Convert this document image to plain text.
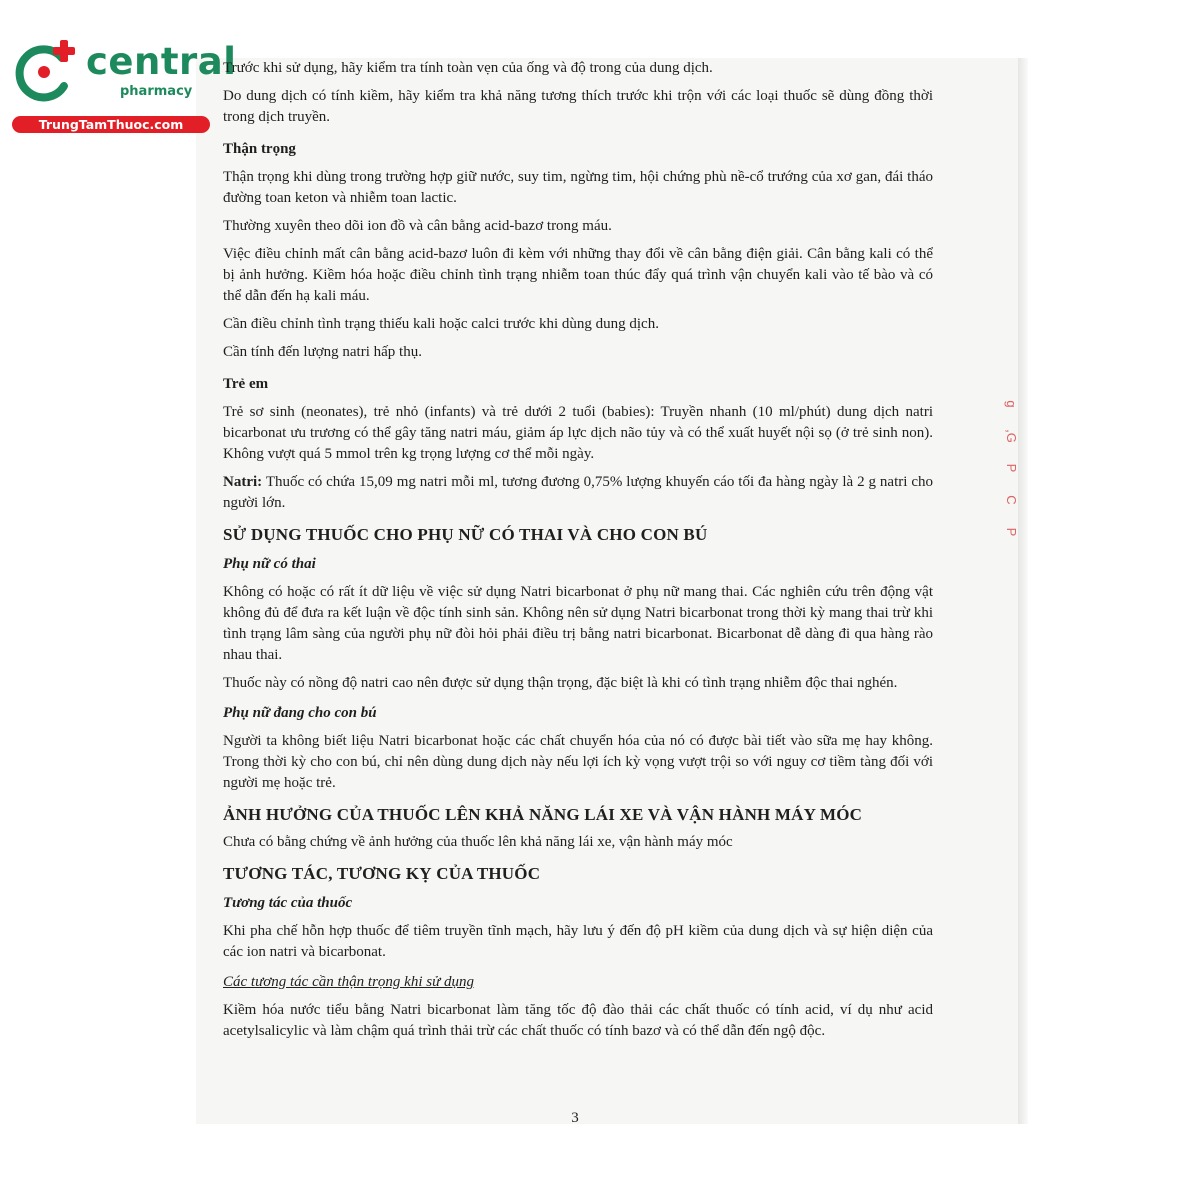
g
,G
P
C
P
central
pharmacy
TrungTamThuoc.com

Trước khi sử dụng, hãy kiểm tra tính toàn vẹn của ống và độ trong của dung dịch.

Do dung dịch có tính kiềm, hãy kiểm tra khả năng tương thích trước khi trộn với các loại thuốc sẽ dùng đồng thời trong dịch truyền.

Thận trọng

Thận trọng khi dùng trong trường hợp giữ nước, suy tim, ngừng tim, hội chứng phù nề-cổ trướng của xơ gan, đái tháo đường toan keton và nhiễm toan lactic.

Thường xuyên theo dõi ion đồ và cân bằng acid-bazơ trong máu.

Việc điều chỉnh mất cân bằng acid-bazơ luôn đi kèm với những thay đổi về cân bằng điện giải. Cân bằng kali có thể bị ảnh hưởng. Kiềm hóa hoặc điều chỉnh tình trạng nhiễm toan thúc đẩy quá trình vận chuyển kali vào tế bào và có thể dẫn đến hạ kali máu.

Cần điều chỉnh tình trạng thiếu kali hoặc calci trước khi dùng dung dịch.

Cần tính đến lượng natri hấp thụ.

Trẻ em

Trẻ sơ sinh (neonates), trẻ nhỏ (infants) và trẻ dưới 2 tuổi (babies): Truyền nhanh (10 ml/phút) dung dịch natri bicarbonat ưu trương có thể gây tăng natri máu, giảm áp lực dịch não tủy và có thể xuất huyết nội sọ (ở trẻ sinh non). Không vượt quá 5 mmol trên kg trọng lượng cơ thể mỗi ngày.

Natri: Thuốc có chứa 15,09 mg natri mỗi ml, tương đương 0,75% lượng khuyến cáo tối đa hàng ngày là 2 g natri cho người lớn.

SỬ DỤNG THUỐC CHO PHỤ NỮ CÓ THAI VÀ CHO CON BÚ

Phụ nữ có thai

Không có hoặc có rất ít dữ liệu về việc sử dụng Natri bicarbonat ở phụ nữ mang thai. Các nghiên cứu trên động vật không đủ để đưa ra kết luận về độc tính sinh sản. Không nên sử dụng Natri bicarbonat trong thời kỳ mang thai trừ khi tình trạng lâm sàng của người phụ nữ đòi hỏi phải điều trị bằng natri bicarbonat. Bicarbonat dễ dàng đi qua hàng rào nhau thai.

Thuốc này có nồng độ natri cao nên được sử dụng thận trọng, đặc biệt là khi có tình trạng nhiễm độc thai nghén.

Phụ nữ đang cho con bú

Người ta không biết liệu Natri bicarbonat hoặc các chất chuyển hóa của nó có được bài tiết vào sữa mẹ hay không. Trong thời kỳ cho con bú, chỉ nên dùng dung dịch này nếu lợi ích kỳ vọng vượt trội so với nguy cơ tiềm tàng đối với người mẹ hoặc trẻ.

ẢNH HƯỞNG CỦA THUỐC LÊN KHẢ NĂNG LÁI XE VÀ VẬN HÀNH MÁY MÓC

Chưa có bằng chứng về ảnh hưởng của thuốc lên khả năng lái xe, vận hành máy móc

TƯƠNG TÁC, TƯƠNG KỴ CỦA THUỐC

Tương tác của thuốc

Khi pha chế hỗn hợp thuốc để tiêm truyền tĩnh mạch, hãy lưu ý đến độ pH kiềm của dung dịch và sự hiện diện của các ion natri và bicarbonat.

Các tương tác cần thận trọng khi sử dụng

Kiềm hóa nước tiểu bằng Natri bicarbonat làm tăng tốc độ đào thải các chất thuốc có tính acid, ví dụ như acid acetylsalicylic và làm chậm quá trình thải trừ các chất thuốc có tính bazơ và có thể dẫn đến ngộ độc.

3
